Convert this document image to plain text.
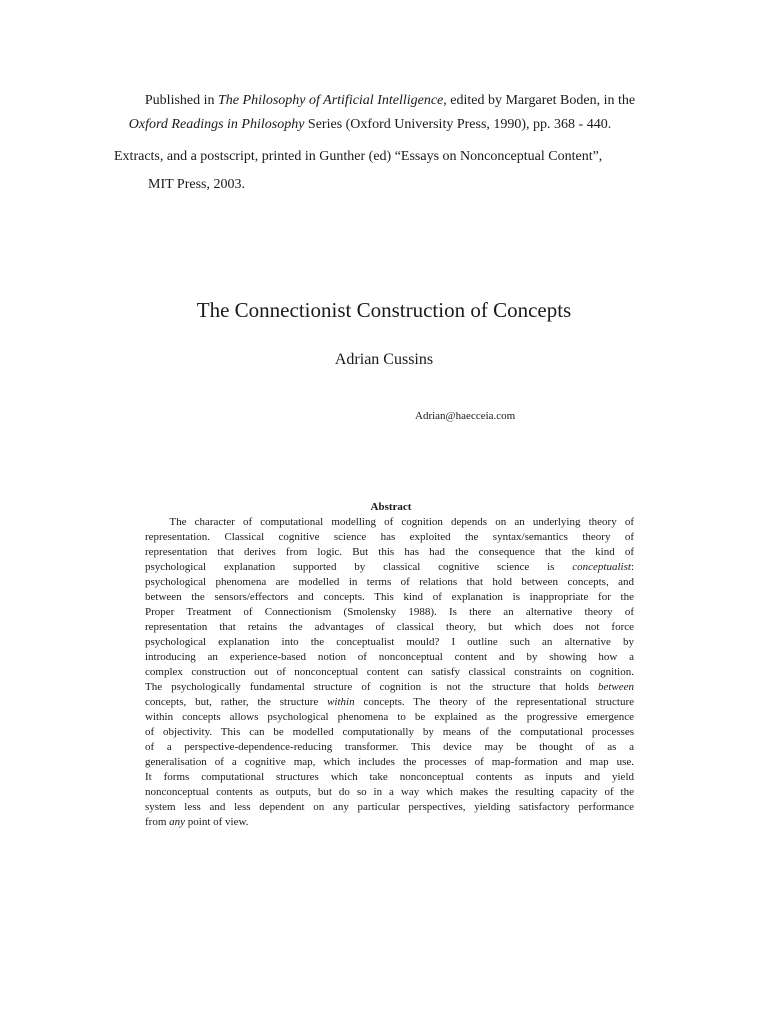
Published in The Philosophy of Artificial Intelligence, edited by Margaret Boden, in the
Oxford Readings in Philosophy Series (Oxford University Press, 1990), pp. 368 - 440.
Extracts, and a postscript, printed in Gunther (ed) “Essays on Nonconceptual Content”,
MIT Press, 2003.
The Connectionist Construction of Concepts
Adrian Cussins
Adrian@haecceia.com
Abstract
The character of computational modelling of cognition depends on an underlying theory of
representation. Classical cognitive science has exploited the syntax/semantics theory of
representation that derives from logic. But this has had the consequence that the kind of
psychological explanation supported by classical cognitive science is conceptualist:
psychological phenomena are modelled in terms of relations that hold between concepts, and
between the sensors/effectors and concepts. This kind of explanation is inappropriate for the
Proper Treatment of Connectionism (Smolensky 1988). Is there an alternative theory of
representation that retains the advantages of classical theory, but which does not force
psychological explanation into the conceptualist mould? I outline such an alternative by
introducing an experience-based notion of nonconceptual content and by showing how a
complex construction out of nonconceptual content can satisfy classical constraints on cognition.
The psychologically fundamental structure of cognition is not the structure that holds between
concepts, but, rather, the structure within concepts. The theory of the representational structure
within concepts allows psychological phenomena to be explained as the progressive emergence
of objectivity. This can be modelled computationally by means of the computational processes
of a perspective-dependence-reducing transformer. This device may be thought of as a
generalisation of a cognitive map, which includes the processes of map-formation and map use.
It forms computational structures which take nonconceptual contents as inputs and yield
nonconceptual contents as outputs, but do so in a way which makes the resulting capacity of the
system less and less dependent on any particular perspectives, yielding satisfactory performance
from any point of view.
